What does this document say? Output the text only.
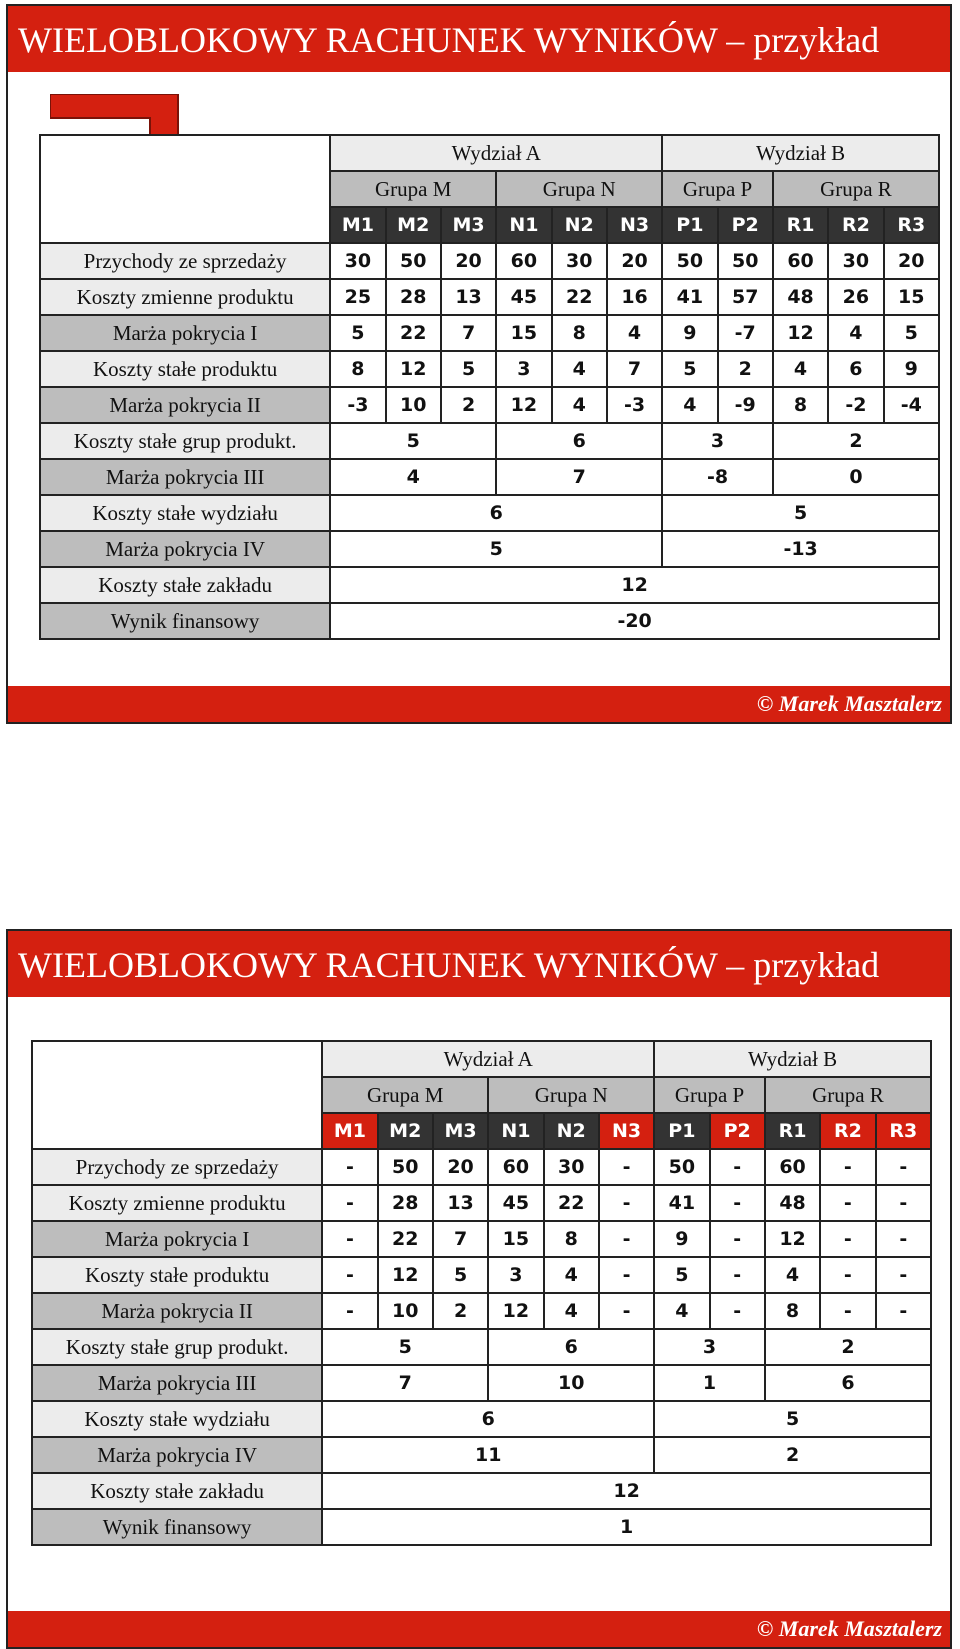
WIELOBLOKOWY RACHUNEK WYNIKÓW – przykład
	Wydział A						Wydział B				
	Grupa M			Grupa N			Grupa P		Grupa R		
	M1	M2	M3	N1	N2	N3	P1	P2	R1	R2	R3
Przychody ze sprzedaży	30	50	20	60	30	20	50	50	60	30	20
Koszty zmienne produktu	25	28	13	45	22	16	41	57	48	26	15
Marża pokrycia I	5	22	7	15	8	4	9	-7	12	4	5
Koszty stałe produktu	8	12	5	3	4	7	5	2	4	6	9
Marża pokrycia II	-3	10	2	12	4	-3	4	-9	8	-2	-4
Koszty stałe grup produkt.	5			6			3		2		
Marża pokrycia III	4			7			-8		0		
Koszty stałe wydziału	6						5				
Marża pokrycia IV	5						-13				
Koszty stałe zakładu	12										
Wynik finansowy	-20										
© Marek Masztalerz
WIELOBLOKOWY RACHUNEK WYNIKÓW – przykład
	Wydział A						Wydział B				
	Grupa M			Grupa N			Grupa P		Grupa R		
	M1	M2	M3	N1	N2	N3	P1	P2	R1	R2	R3
Przychody ze sprzedaży	-	50	20	60	30	-	50	-	60	-	-
Koszty zmienne produktu	-	28	13	45	22	-	41	-	48	-	-
Marża pokrycia I	-	22	7	15	8	-	9	-	12	-	-
Koszty stałe produktu	-	12	5	3	4	-	5	-	4	-	-
Marża pokrycia II	-	10	2	12	4	-	4	-	8	-	-
Koszty stałe grup produkt.	5			6			3		2		
Marża pokrycia III	7			10			1		6		
Koszty stałe wydziału	6						5				
Marża pokrycia IV	11						2				
Koszty stałe zakładu	12										
Wynik finansowy	1										
© Marek Masztalerz
